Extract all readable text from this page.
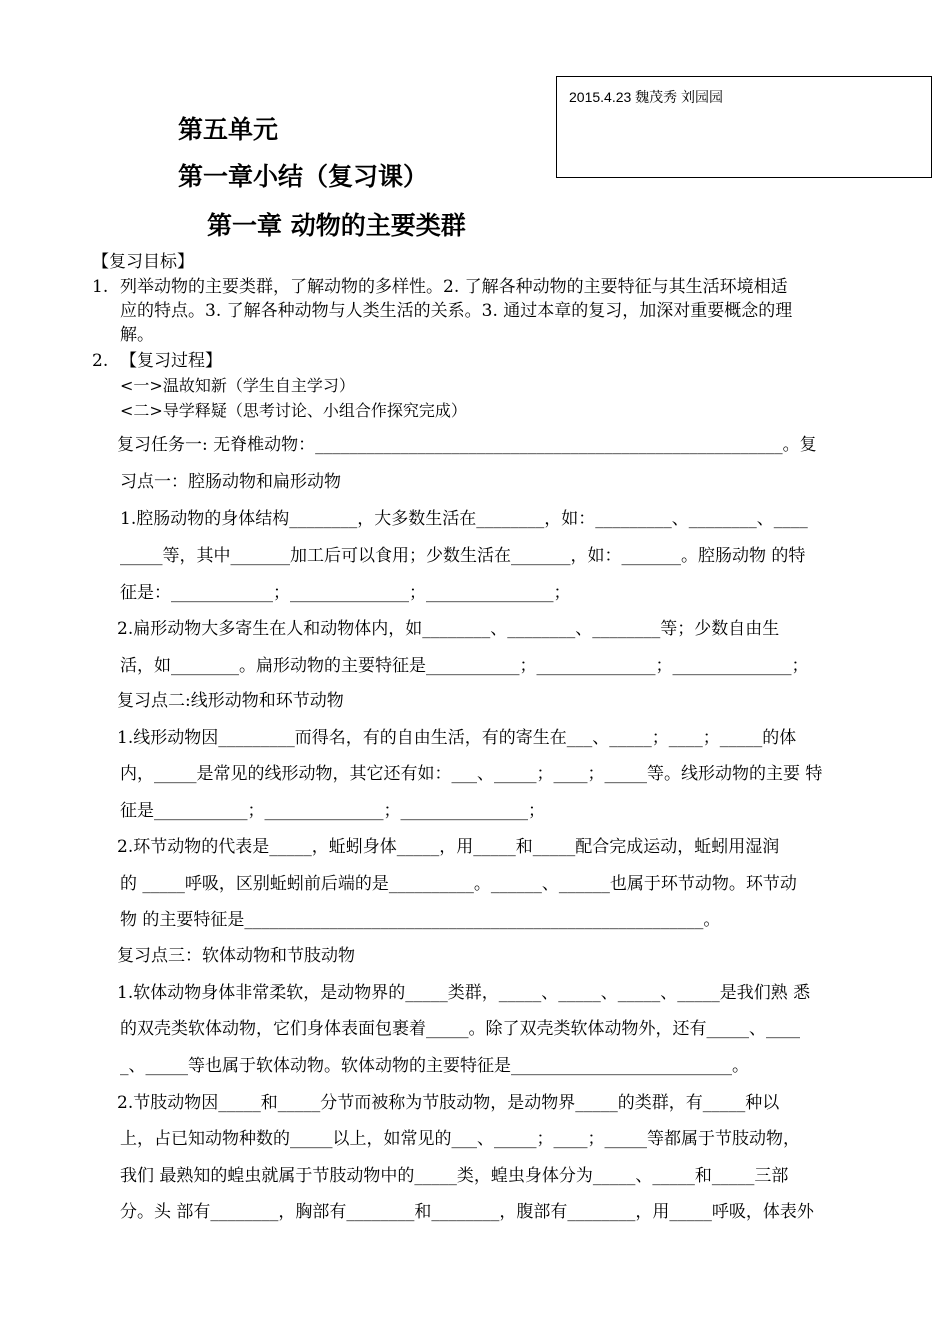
2015.4.23 魏茂秀 刘园园
第五单元
第一章小结（复习课）
第一章 动物的主要类群
【复习目标】
1. 列举动物的主要类群，了解动物的多样性。2. 了解各种动物的主要特征与其生活环境相适
应的特点。3. 了解各种动物与人类生活的关系。3. 通过本章的复习，加深对重要概念的理
解。
2. 【复习过程】
<一>温故知新（学生自主学习）
<二>导学释疑（思考讨论、小组合作探究完成）
复习任务一: 无脊椎动物：_______________________________________________________。复
习点一：腔肠动物和扁形动物
1.腔肠动物的身体结构________，大多数生活在________，如：_________、________、____
_____等，其中_______加工后可以食用；少数生活在_______，如：_______。腔肠动物 的特
征是：____________；______________；_______________；
2.扁形动物大多寄生在人和动物体内，如________、________、________等；少数自由生
活，如________。扁形动物的主要特征是___________；______________；______________；
复习点二:线形动物和环节动物
1.线形动物因_________而得名，有的自由生活，有的寄生在___、_____；____；_____的体
内，_____是常见的线形动物，其它还有如：___、_____；____；_____等。线形动物的主要 特
征是___________；______________；_______________；
2.环节动物的代表是_____，蚯蚓身体_____，用_____和_____配合完成运动，蚯蚓用湿润
的 _____呼吸，区别蚯蚓前后端的是__________。______、______也属于环节动物。环节动
物 的主要特征是______________________________________________________。
复习点三：软体动物和节肢动物
1.软体动物身体非常柔软，是动物界的_____类群，_____、_____、_____、_____是我们熟 悉
的双壳类软体动物，它们身体表面包裹着_____。除了双壳类软体动物外，还有_____、____
_、_____等也属于软体动物。软体动物的主要特征是__________________________。
2.节肢动物因_____和_____分节而被称为节肢动物，是动物界_____的类群，有_____种以
上，占已知动物种数的_____以上，如常见的___、_____；____；_____等都属于节肢动物，
我们 最熟知的蝗虫就属于节肢动物中的_____类，蝗虫身体分为_____、_____和_____三部
分。头 部有________，胸部有________和________，腹部有________，用_____呼吸，体表外
